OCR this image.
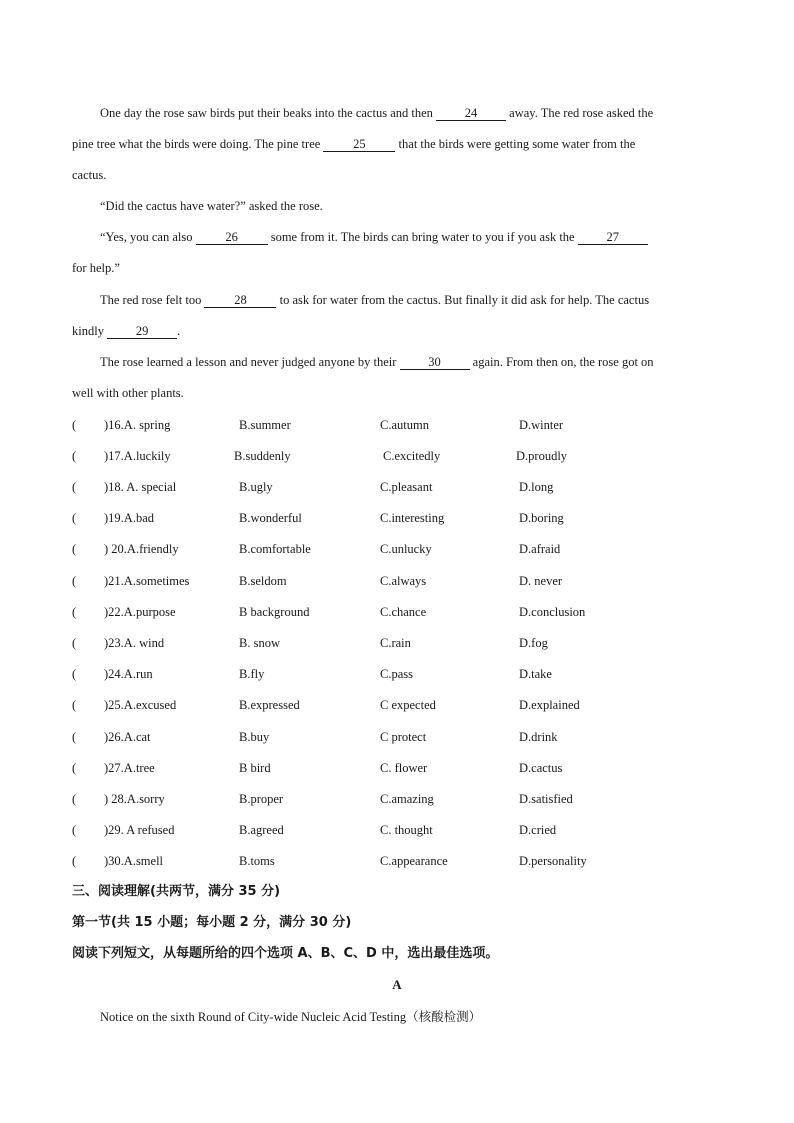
One day the rose saw birds put their beaks into the cactus and then	24	away. The red rose asked the
pine tree what the birds were doing. The pine tree	25	that the birds were getting some water from the
cactus.
“Did the cactus have water?” asked the rose.
“Yes, you can also	26	some from it. The birds can bring water to you if you ask the	27
for help.”
The red rose felt too	28	to ask for water from the cactus. But finally it did ask for help. The cactus
kindly	29 .
The rose learned a lesson and never judged anyone by their	30	again. From then on, the rose got on
well with other plants.
( )16.A. spring	B.summer	C.autumn	D.winter
( )17.A.luckily	B.suddenly	C.excitedly	D.proudly
( )18. A. special	B.ugly	C.pleasant	D.long
( )19.A.bad	B.wonderful	C.interesting	D.boring
( ) 20.A.friendly	B.comfortable	C.unlucky	D.afraid
( )21.A.sometimes	B.seldom	C.always	D. never
( )22.A.purpose	B background	C.chance	D.conclusion
( )23.A. wind	B. snow	C.rain	D.fog
( )24.A.run	B.fly	C.pass	D.take
( )25.A.excused	B.expressed	C expected	D.explained
( )26.A.cat	B.buy	C protect	D.drink
( )27.A.tree	B bird	C. flower	D.cactus
( ) 28.A.sorry	B.proper	C.amazing	D.satisfied
( )29. A refused	B.agreed	C. thought	D.cried
( )30.A.smell	B.toms	C.appearance	D.personality
三、阅读理解(共两节，满分 35 分)
第一节(共 15 小题；每小题 2 分，满分 30 分)
阅读下列短文，从每题所给的四个选项 A、B、C、D 中，选出最佳选项。
A
Notice on the sixth Round of City-wide Nucleic Acid Testing（核酸检测）
